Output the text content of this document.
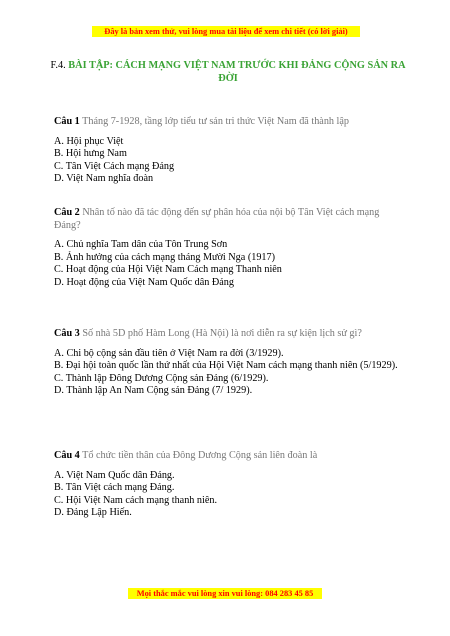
Đây là bản xem thử, vui lòng mua tài liệu để xem chi tiết (có lời giải)
F.4. BÀI TẬP: CÁCH MẠNG VIỆT NAM TRƯỚC KHI ĐẢNG CỘNG SẢN RA ĐỜI
Câu 1 Tháng 7-1928, tầng lớp tiểu tư sản tri thức Việt Nam đã thành lập
A. Hội phục Việt
B. Hội hưng Nam
C. Tân Việt Cách mạng Đảng
D. Việt Nam nghĩa đoàn
Câu 2 Nhân tố nào đã tác động đến sự phân hóa của nội bộ Tân Việt cách mạng Đảng?
A. Chủ nghĩa Tam dân của Tôn Trung Sơn
B. Ảnh hưởng của cách mạng tháng Mười Nga (1917)
C. Hoạt động của Hội Việt Nam Cách mạng Thanh niên
D. Hoạt động của Việt Nam Quốc dân Đảng
Câu 3 Số nhà 5D phố Hàm Long (Hà Nội) là nơi diễn ra sự kiện lịch sử gì?
A. Chi bộ cộng sản đầu tiên ở Việt Nam ra đời (3/1929).
B. Đại hội toàn quốc lần thứ nhất của Hội Việt Nam cách mạng thanh niên (5/1929).
C. Thành lập Đông Dương Cộng sản Đảng (6/1929).
D. Thành lập An Nam Cộng sản Đảng (7/ 1929).
Câu 4 Tổ chức tiền thân của Đông Dương Cộng sản liên đoàn là
A. Việt Nam Quốc dân Đảng.
B. Tân Việt cách mạng Đảng.
C. Hội Việt Nam cách mạng thanh niên.
D. Đảng Lập Hiến.
Mọi thắc mắc vui lòng xin vui lòng: 084 283 45 85
